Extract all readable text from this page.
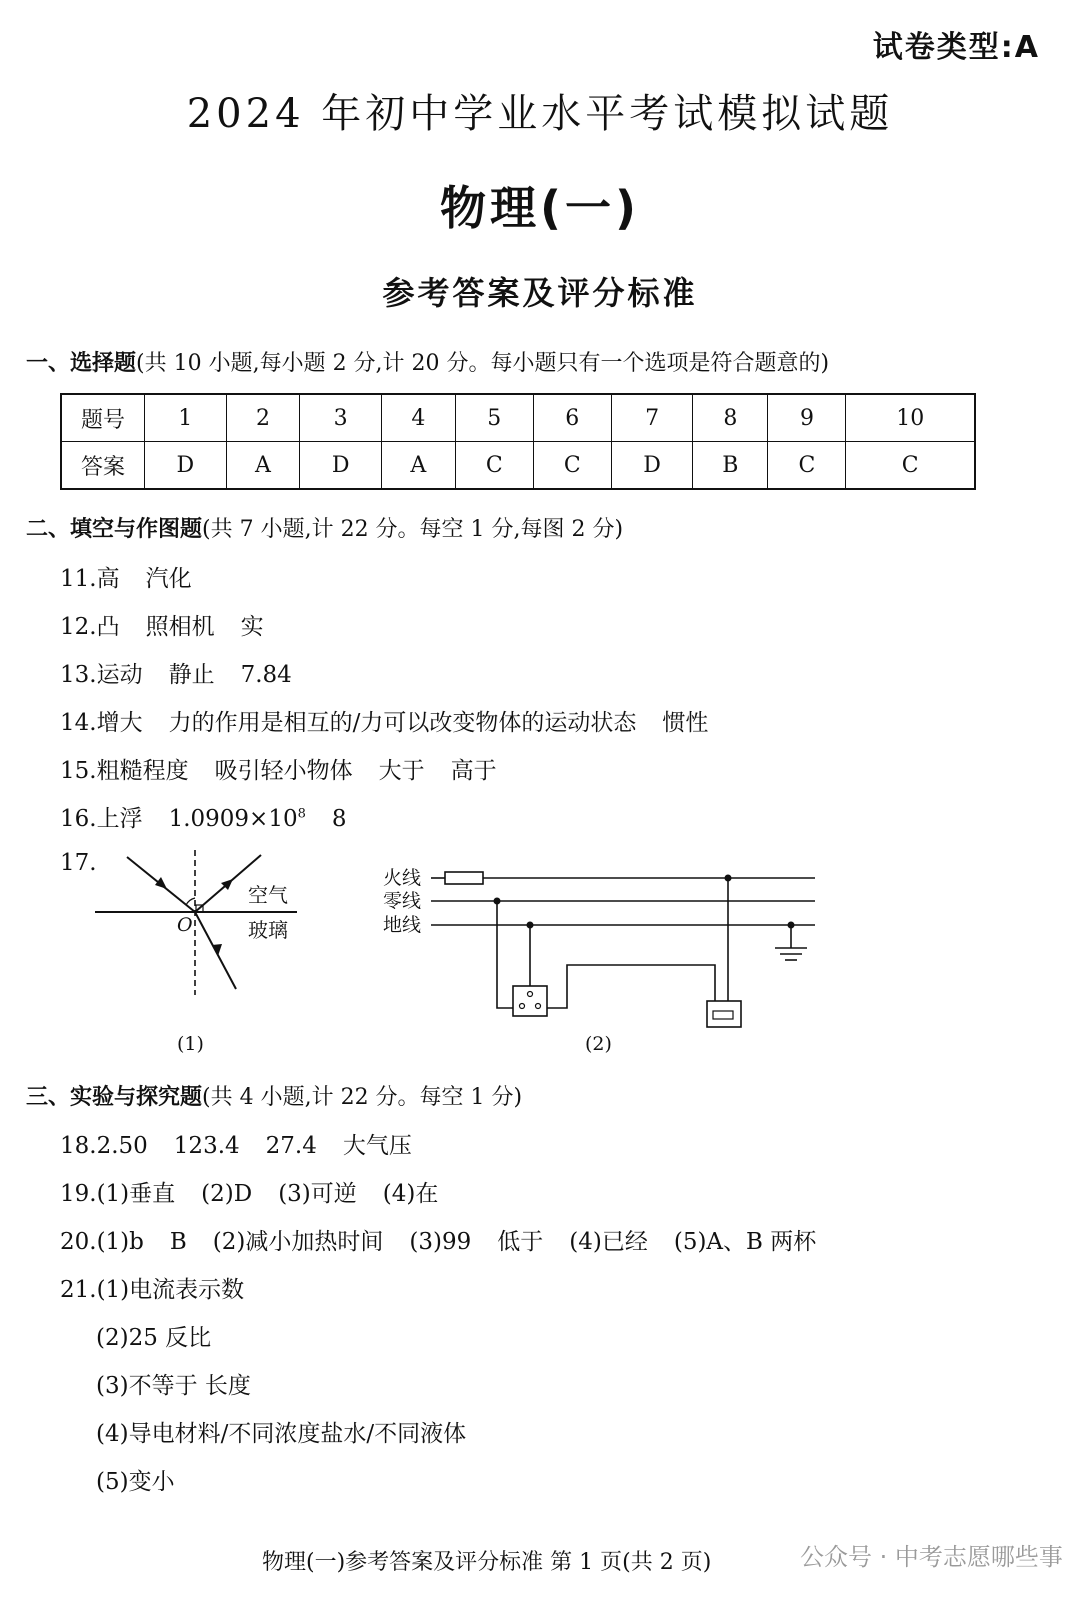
试卷类型:A
2024 年初中学业水平考试模拟试题
物理(一)
参考答案及评分标准
一、选择题(共 10 小题,每小题 2 分,计 20 分。每小题只有一个选项是符合题意的)
题号	1	2	3	4	5	6	7	8	9	10
答案	D	A	D	A	C	C	D	B	C	C
二、填空与作图题(共 7 小题,计 22 分。每空 1 分,每图 2 分)
11.高 汽化
12.凸 照相机 实
13.运动 静止 7.84
14.增大 力的作用是相互的/力可以改变物体的运动状态 惯性
15.粗糙程度 吸引轻小物体 大于 高于
16.上浮 $1.0909\times 10^8$ 8
17.
空气
玻璃
O
(1)
火线
零线
地线
(2)
三、实验与探究题(共 4 小题,计 22 分。每空 1 分)
18.2.50 123.4 27.4 大气压
19.(1)垂直 (2)D (3)可逆 (4)在
20.(1)b B (2)减小加热时间 (3)99 低于 (4)已经 (5)A、B 两杯
21.(1)电流表示数
(2)25 反比
(3)不等于 长度
(4)导电材料/不同浓度盐水/不同液体
(5)变小
物理(一)参考答案及评分标准 第 1 页(共 2 页)	公众号 · 中考志愿哪些事
